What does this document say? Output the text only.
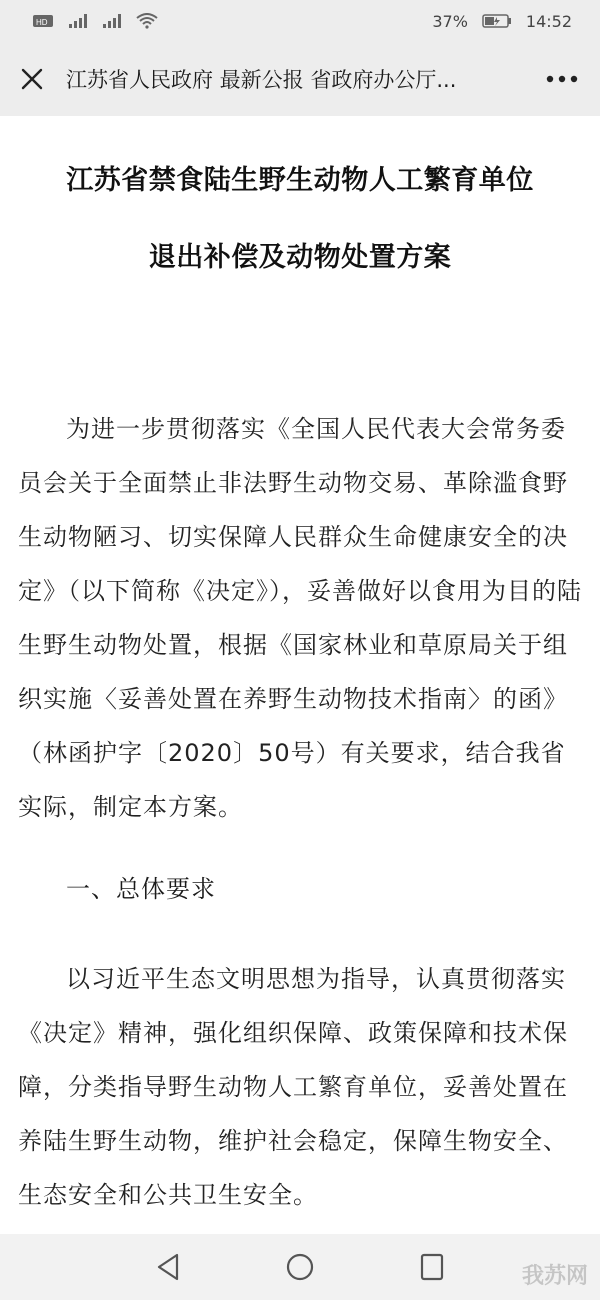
HD	37%	14:52
江苏省人民政府 最新公报 省政府办公厅...
江苏省禁食陆生野生动物人工繁育单位
退出补偿及动物处置方案

为进一步贯彻落实《全国人民代表大会常务委员会关于全面禁止非法野生动物交易、革除滥食野生动物陋习、切实保障人民群众生命健康安全的决定》（以下简称《决定》），妥善做好以食用为目的陆生野生动物处置，根据《国家林业和草原局关于组织实施〈妥善处置在养野生动物技术指南〉的函》（林函护字〔2020〕50号）有关要求，结合我省实际，制定本方案。

一、总体要求

以习近平生态文明思想为指导，认真贯彻落实《决定》精神，强化组织保障、政策保障和技术保障，分类指导野生动物人工繁育单位，妥善处置在养陆生野生动物，维护社会稳定，保障生物安全、生态安全和公共卫生安全。

我苏网
